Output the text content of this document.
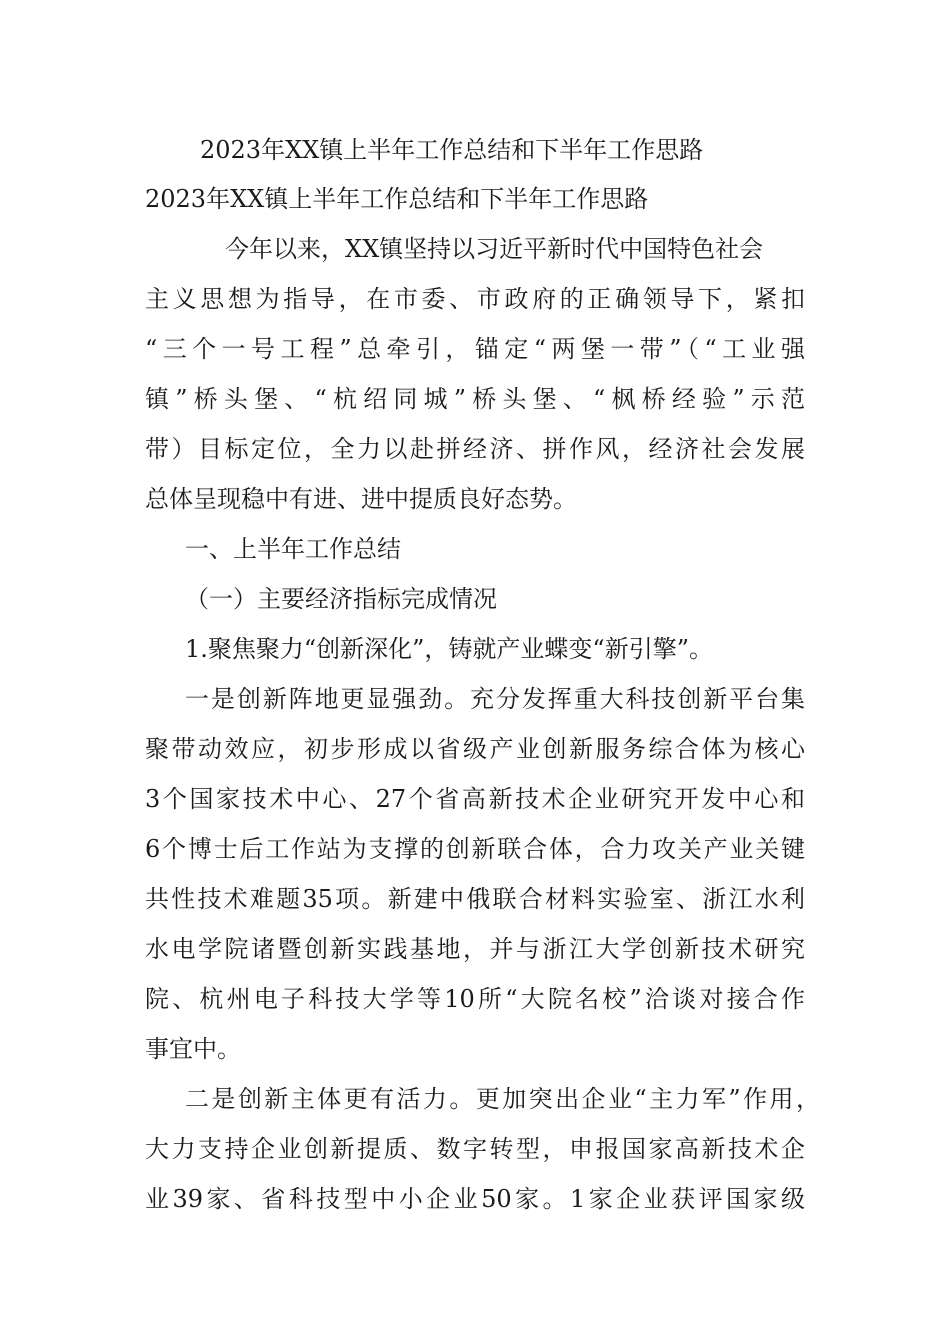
2023年XX镇上半年工作总结和下半年工作思路
2023年XX镇上半年工作总结和下半年工作思路
今年以来，XX镇坚持以习近平新时代中国特色社会
主义思想为指导，在市委、市政府的正确领导下，紧扣
“三个一号工程”总牵引，锚定“两堡一带”（“工业强
镇”桥头堡、“杭绍同城”桥头堡、“枫桥经验”示范
带）目标定位，全力以赴拼经济、拼作风，经济社会发展
总体呈现稳中有进、进中提质良好态势。
一、上半年工作总结
（一）主要经济指标完成情况
1.聚焦聚力“创新深化”，铸就产业蝶变“新引擎”。
一是创新阵地更显强劲。充分发挥重大科技创新平台集
聚带动效应，初步形成以省级产业创新服务综合体为核心
3个国家技术中心、27个省高新技术企业研究开发中心和
6个博士后工作站为支撑的创新联合体，合力攻关产业关键
共性技术难题35项。新建中俄联合材料实验室、浙江水利
水电学院诸暨创新实践基地，并与浙江大学创新技术研究
院、杭州电子科技大学等10所“大院名校”洽谈对接合作
事宜中。
二是创新主体更有活力。更加突出企业“主力军”作用，
大力支持企业创新提质、数字转型，申报国家高新技术企
业39家、省科技型中小企业50家。1家企业获评国家级
